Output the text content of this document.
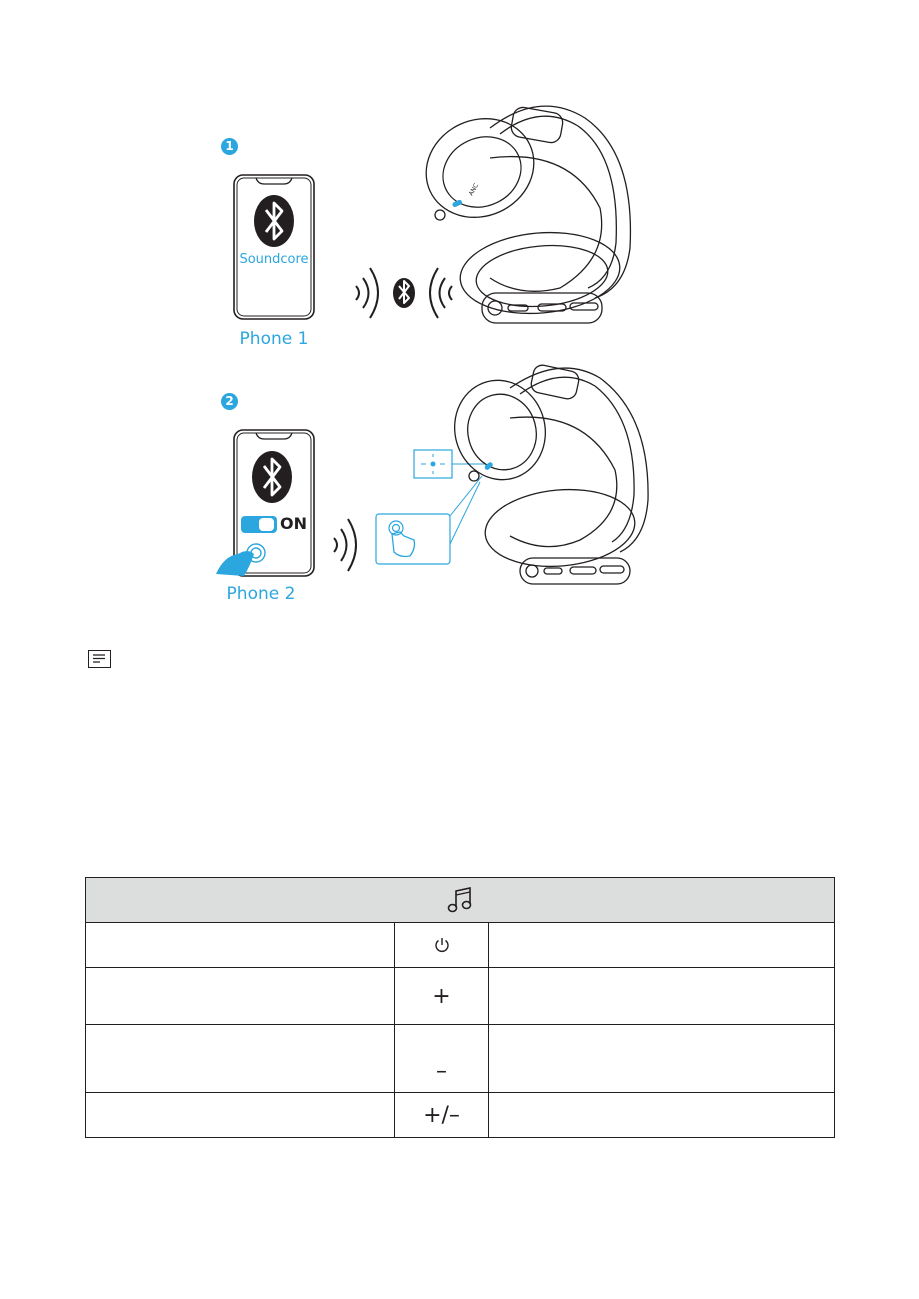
1
Soundcore
Phone 1
ANC
2
ON
Phone 2

	+	
	–	
	+/–	
